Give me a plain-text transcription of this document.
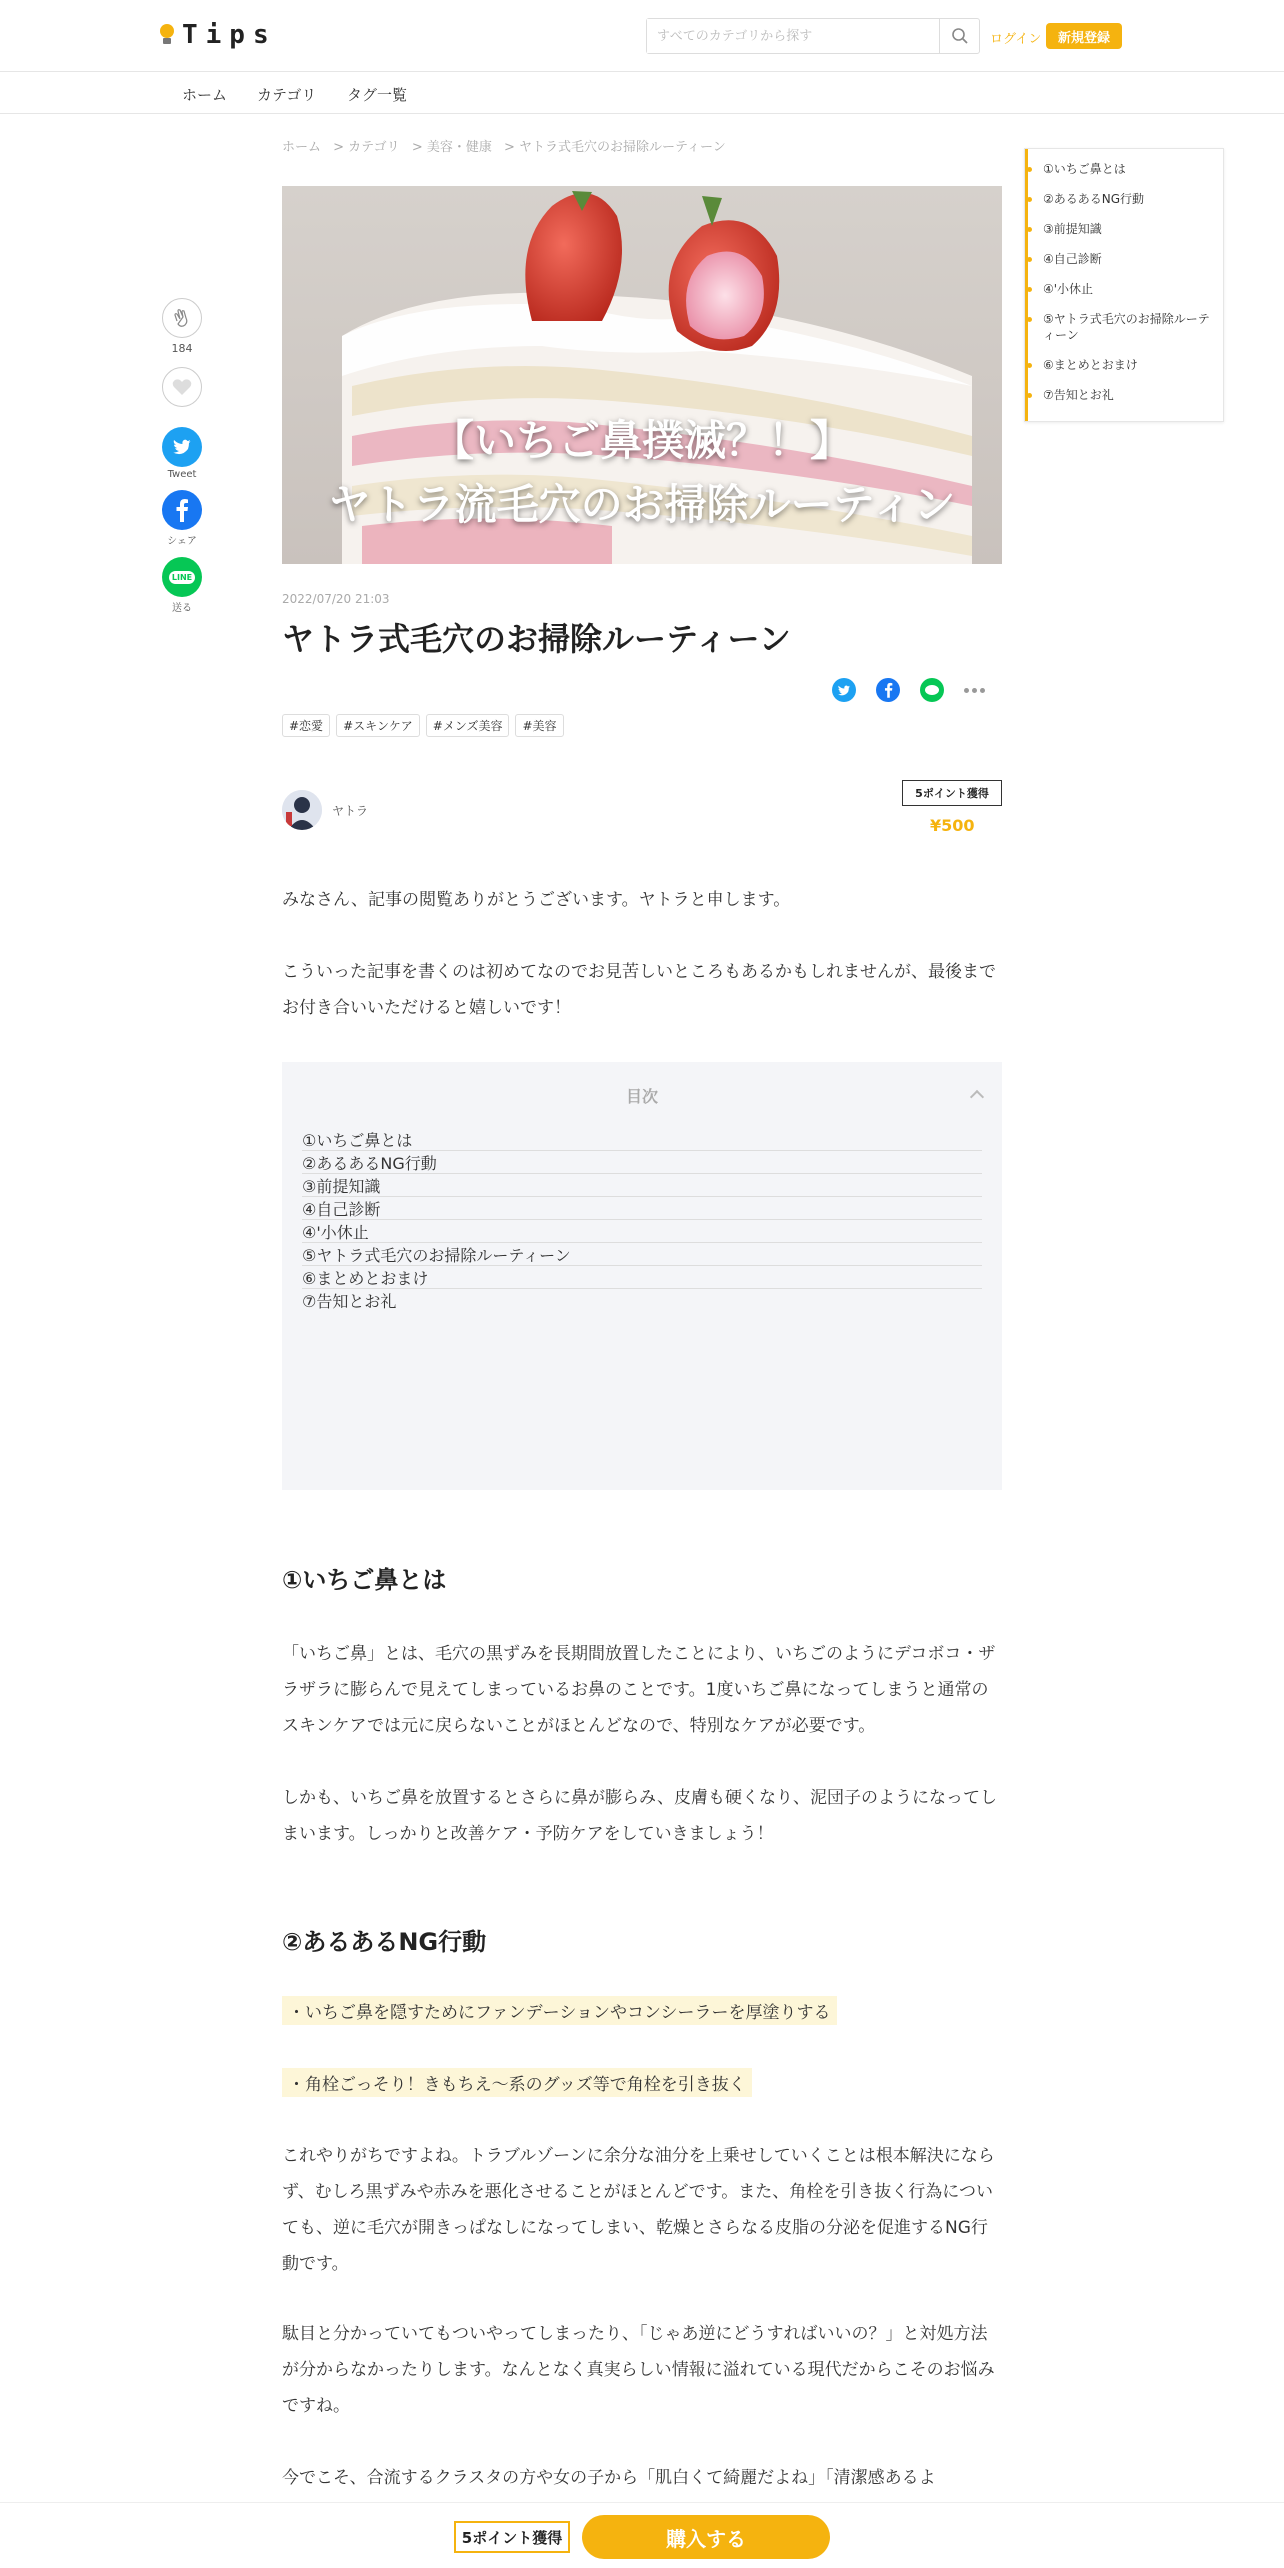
Tips
すべてのカテゴリから探す	ログイン	新規登録
ホーム カテゴリ タグ一覧
ホーム > カテゴリ > 美容・健康 > ヤトラ式毛穴のお掃除ルーティーン
【いちご鼻撲滅？！】
ヤトラ流毛穴のお掃除ルーティン
184
Tweet
シェア
LINE
送る
①いちご鼻とは
②あるあるNG行動
③前提知識
④自己診断
④'小休止
⑤ヤトラ式毛穴のお掃除ルーティーン
⑥まとめとおまけ
⑦告知とお礼
2022/07/20 21:03
ヤトラ式毛穴のお掃除ルーティーン
#恋愛	#スキンケア	#メンズ美容	#美容
ヤトラ
5ポイント獲得
¥500

みなさん、記事の閲覧ありがとうございます。ヤトラと申します。

こういった記事を書くのは初めてなのでお見苦しいところもあるかもしれませんが、最後までお付き合いいただけると嬉しいです！

目次
①いちご鼻とは
②あるあるNG行動
③前提知識
④自己診断
④'小休止
⑤ヤトラ式毛穴のお掃除ルーティーン
⑥まとめとおまけ
⑦告知とお礼
①いちご鼻とは

「いちご鼻」とは、毛穴の黒ずみを長期間放置したことにより、いちごのようにデコボコ・ザラザラに膨らんで見えてしまっているお鼻のことです。1度いちご鼻になってしまうと通常のスキンケアでは元に戻らないことがほとんどなので、特別なケアが必要です。

しかも、いちご鼻を放置するとさらに鼻が膨らみ、皮膚も硬くなり、泥団子のようになってしまいます。しっかりと改善ケア・予防ケアをしていきましょう！

②あるあるNG行動
・いちご鼻を隠すためにファンデーションやコンシーラーを厚塗りする
・角栓ごっそり！きもちえ～系のグッズ等で角栓を引き抜く

これやりがちですよね。トラブルゾーンに余分な油分を上乗せしていくことは根本解決にならず、むしろ黒ずみや赤みを悪化させることがほとんどです。また、角栓を引き抜く行為についても、逆に毛穴が開きっぱなしになってしまい、乾燥とさらなる皮脂の分泌を促進するNG行動です。

駄目と分かっていてもついやってしまったり、「じゃあ逆にどうすればいいの？」と対処方法が分からなかったりします。なんとなく真実らしい情報に溢れている現代だからこそのお悩みですね。

今でこそ、合流するクラスタの方や女の子から「肌白くて綺麗だよね」「清潔感あるよ

5ポイント獲得	購入する
